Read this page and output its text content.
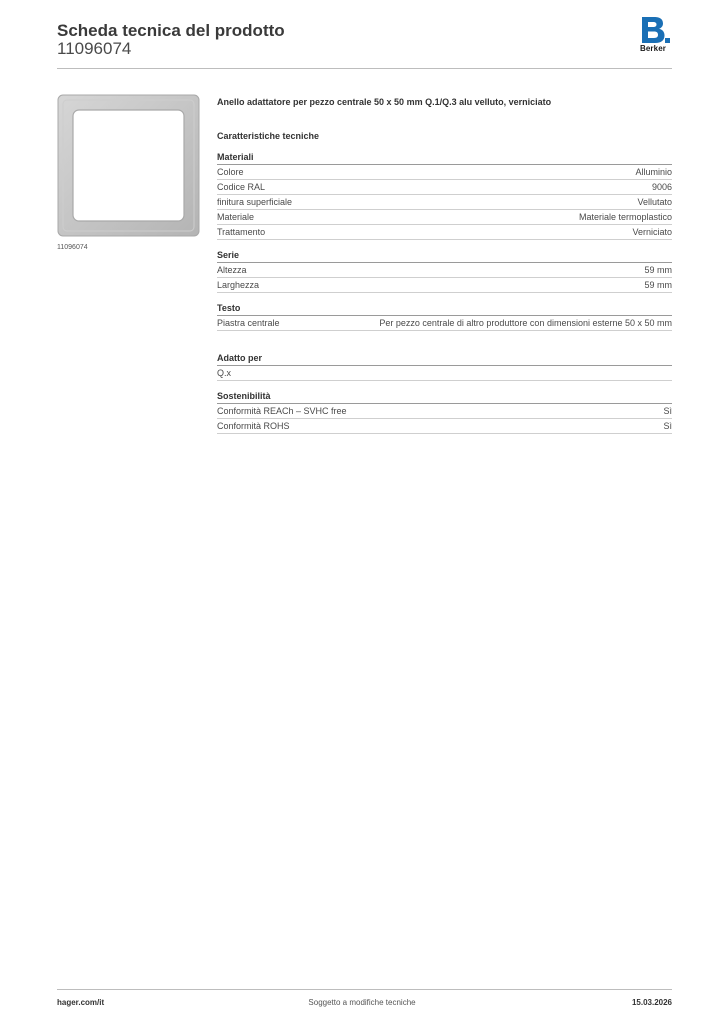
Scheda tecnica del prodotto
11096074	Berker
11096074
Anello adattatore per pezzo centrale 50 x 50 mm Q.1/Q.3 alu velluto, verniciato
Caratteristiche tecniche
Materiali
Colore	Alluminio
Codice RAL	9006
finitura superficiale	Vellutato
Materiale	Materiale termoplastico
Trattamento	Verniciato
Serie
Altezza	59 mm
Larghezza	59 mm
Testo
Piastra centrale	Per pezzo centrale di altro produttore con dimensioni esterne 50 x 50 mm
Adatto per
Q.x
Sostenibilità
Conformità REACh – SVHC free	Sì
Conformità ROHS	Sì
hager.com/it	Soggetto a modifiche tecniche	15.03.2026
